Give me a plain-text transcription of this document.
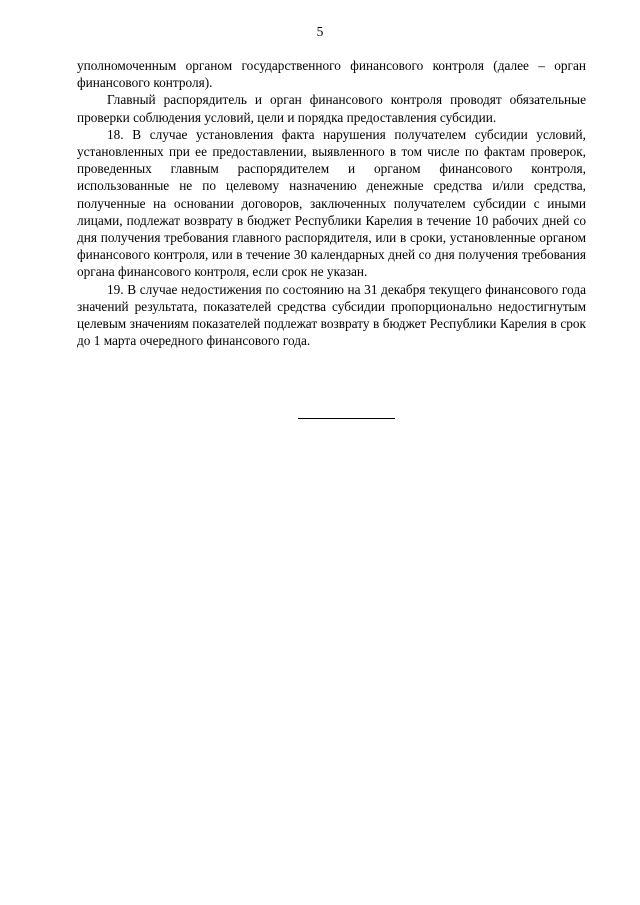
5

уполномоченным органом государственного финансового контроля (далее – орган финансового контроля).

Главный распорядитель и орган финансового контроля проводят обязательные проверки соблюдения условий, цели и порядка предоставления субсидии.

18. В случае установления факта нарушения получателем субсидии условий, установленных при ее предоставлении, выявленного в том числе по фактам проверок, проведенных главным распорядителем и органом финансового контроля, использованные не по целевому назначению денежные средства и/или средства, полученные на основании договоров, заключенных получателем субсидии с иными лицами, подлежат возврату в бюджет Республики Карелия в течение 10 рабочих дней со дня получения требования главного распорядителя, или в сроки, установленные органом финансового контроля, или в течение 30 календарных дней со дня получения требования органа финансового контроля, если срок не указан.

19. В случае недостижения по состоянию на 31 декабря текущего финансового года значений результата, показателей средства субсидии пропорционально недостигнутым целевым значениям показателей подлежат возврату в бюджет Республики Карелия в срок до 1 марта очередного финансового года.
